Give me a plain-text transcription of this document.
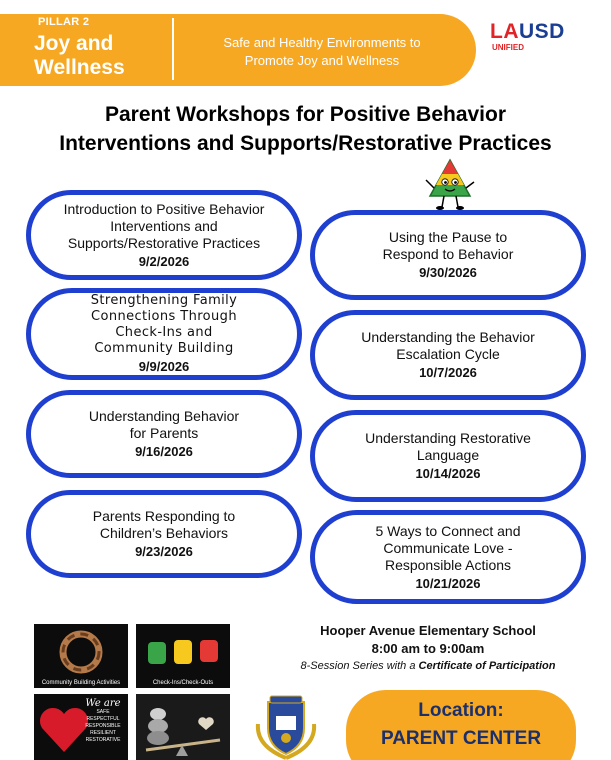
PILLAR 2
Joy and
Wellness
Safe and Healthy Environments to
Promote Joy and Wellness
LAUSD
UNIFIED
Parent Workshops for Positive Behavior
Interventions and Supports/Restorative Practices
Introduction to Positive Behavior
Interventions and
Supports/Restorative Practices
9/2/2026
Strengthening Family
Connections Through
Check-Ins and
Community Building
9/9/2026
Understanding Behavior
for Parents
9/16/2026
Parents Responding to
Children’s Behaviors
9/23/2026
Using the Pause to
Respond to Behavior
9/30/2026
Understanding the Behavior
Escalation Cycle
10/7/2026
Understanding Restorative
Language
10/14/2026
5 Ways to Connect and
Communicate Love -
Responsible Actions
10/21/2026
Community Building Activities	Check-Ins/Check-Outs
We are
SAFE
RESPECTFUL
RESPONSIBLE
RESILIENT
RESTORATIVE
Hooper Avenue Elementary School
8:00 am to 9:00am
8-Session Series with a Certificate of Participation
Location:
PARENT CENTER
